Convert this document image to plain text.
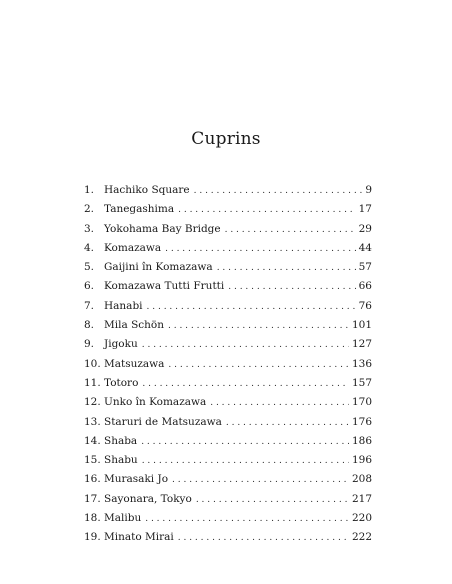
Cuprins
1. Hachiko Square . . .	9
2. Tanegashima . . .	17
3. Yokohama Bay Bridge . . .	29
4. Komazawa . . .	44
5. Gaijini în Komazawa . . .	57
6. Komazawa Tutti Frutti . . .	66
7. Hanabi . . .	76
8. Mila Schön . . .	101
9. Jigoku . . .	127
10. Matsuzawa . . .	136
11. Totoro . . .	157
12. Unko în Komazawa . . .	170
13. Staruri de Matsuzawa . . .	176
14. Shaba . . .	186
15. Shabu . . .	196
16. Murasaki Jo . . .	208
17. Sayonara, Tokyo . . .	217
18. Malibu . . .	220
19. Minato Mirai . . .	222
